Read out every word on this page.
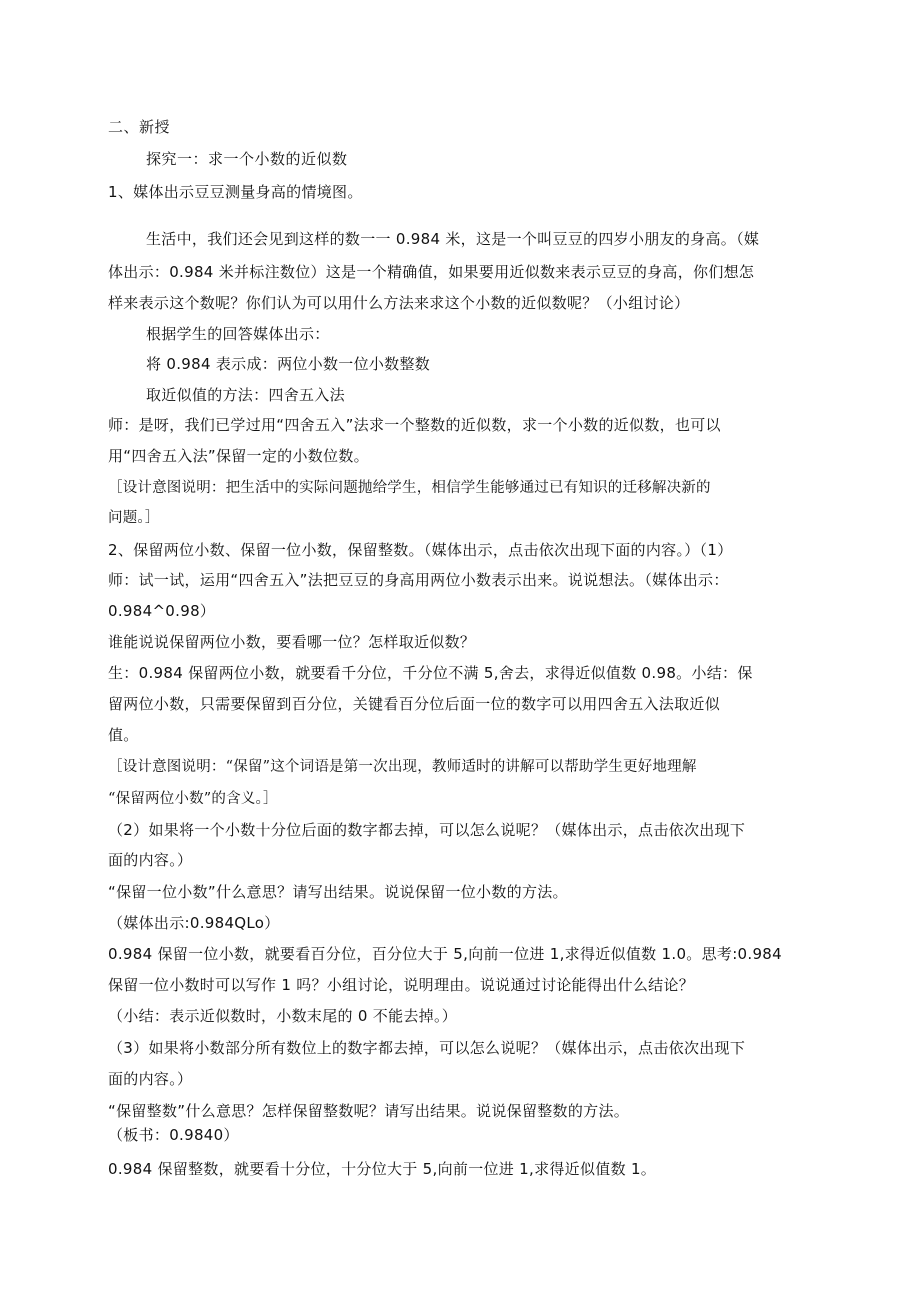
二、新授
探究一：求一个小数的近似数
1、媒体出示豆豆测量身高的情境图。
生活中，我们还会见到这样的数一一 0.984 米，这是一个叫豆豆的四岁小朋友的身高。（媒
体出示：0.984 米并标注数位）这是一个精确值，如果要用近似数来表示豆豆的身高，你们想怎
样来表示这个数呢？你们认为可以用什么方法来求这个小数的近似数呢？（小组讨论）
根据学生的回答媒体出示：
将 0.984 表示成：两位小数一位小数整数
取近似值的方法：四舍五入法
师：是呀，我们已学过用“四舍五入”法求一个整数的近似数，求一个小数的近似数，也可以
用“四舍五入法”保留一定的小数位数。
［设计意图说明：把生活中的实际问题抛给学生，相信学生能够通过已有知识的迁移解决新的
问题。］
2、保留两位小数、保留一位小数，保留整数。（媒体出示，点击依次出现下面的内容。）（1）
师：试一试，运用“四舍五入”法把豆豆的身高用两位小数表示出来。说说想法。（媒体出示：
0.984^0.98）
谁能说说保留两位小数，要看哪一位？怎样取近似数？
生：0.984 保留两位小数，就要看千分位，千分位不满 5,舍去，求得近似值数 0.98。小结：保
留两位小数，只需要保留到百分位，关键看百分位后面一位的数字可以用四舍五入法取近似
值。
［设计意图说明：“保留”这个词语是第一次出现，教师适时的讲解可以帮助学生更好地理解
“保留两位小数”的含义。］
（2）如果将一个小数十分位后面的数字都去掉，可以怎么说呢？（媒体出示，点击依次出现下
面的内容。）
“保留一位小数”什么意思？请写出结果。说说保留一位小数的方法。
（媒体出示:0.984QLo）
0.984 保留一位小数，就要看百分位，百分位大于 5,向前一位进 1,求得近似值数 1.0。思考:0.984
保留一位小数时可以写作 1 吗？小组讨论，说明理由。说说通过讨论能得出什么结论？
（小结：表示近似数时，小数末尾的 0 不能去掉。）
（3）如果将小数部分所有数位上的数字都去掉，可以怎么说呢？（媒体出示，点击依次出现下
面的内容。）
“保留整数”什么意思？怎样保留整数呢？请写出结果。说说保留整数的方法。
（板书：0.9840）
0.984 保留整数，就要看十分位，十分位大于 5,向前一位进 1,求得近似值数 1。
